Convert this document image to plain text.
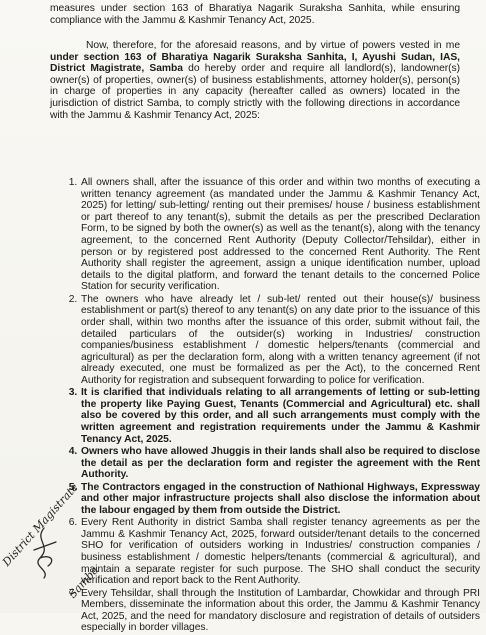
measures under section 163 of Bharatiya Nagarik Suraksha Sanhita, while ensuring compliance with the Jammu & Kashmir Tenancy Act, 2025.
Now, therefore, for the aforesaid reasons, and by virtue of powers vested in me under section 163 of Bharatiya Nagarik Suraksha Sanhita, I, Ayushi Sudan, IAS, District Magistrate, Samba do hereby order and require all landlord(s), landowner(s) owner(s) of properties, owner(s) of business establishments, attorney holder(s), person(s) in charge of properties in any capacity (hereafter called as owners) located in the jurisdiction of district Samba, to comply strictly with the following directions in accordance with the Jammu & Kashmir Tenancy Act, 2025:
1. All owners shall, after the issuance of this order and within two months of executing a written tenancy agreement (as mandated under the Jammu & Kashmir Tenancy Act, 2025) for letting/ sub-letting/ renting out their premises/ house / business establishment or part thereof to any tenant(s), submit the details as per the prescribed Declaration Form, to be signed by both the owner(s) as well as the tenant(s), along with the tenancy agreement, to the concerned Rent Authority (Deputy Collector/Tehsildar), either in person or by registered post addressed to the concerned Rent Authority. The Rent Authority shall register the agreement, assign a unique identification number, upload details to the digital platform, and forward the tenant details to the concerned Police Station for security verification.
2. The owners who have already let / sub-let/ rented out their house(s)/ business establishment or part(s) thereof to any tenant(s) on any date prior to the issuance of this order shall, within two months after the issuance of this order, submit without fail, the detailed particulars of the outsider(s) working in Industries/ construction companies/business establishment / domestic helpers/tenants (commercial and agricultural) as per the declaration form, along with a written tenancy agreement (if not already executed, one must be formalized as per the Act), to the concerned Rent Authority for registration and subsequent forwarding to police for verification.
3. It is clarified that individuals relating to all arrangements of letting or sub-letting the property like Paying Guest, Tenants (Commercial and Agricultural) etc. shall also be covered by this order, and all such arrangements must comply with the written agreement and registration requirements under the Jammu & Kashmir Tenancy Act, 2025.
4. Owners who have allowed Jhuggis in their lands shall also be required to disclose the detail as per the declaration form and register the agreement with the Rent Authority.
5. The Contractors engaged in the construction of Nathional Highways, Expressway and other major infrastructure projects shall also disclose the information about the labour engaged by them from outside the District.
6. Every Rent Authority in district Samba shall register tenancy agreements as per the Jammu & Kashmir Tenancy Act, 2025, forward outsider/tenant details to the concerned SHO for verification of outsiders working in Industries/ construction companies / business establishment / domestic helpers/tenants (commercial & agricultural), and maintain a separate register for such purpose. The SHO shall conduct the security verification and report back to the Rent Authority.
7. Every Tehsildar, shall through the Institution of Lambardar, Chowkidar and through PRI Members, disseminate the information about this order, the Jammu & Kashmir Tenancy Act, 2025, and the need for mandatory disclosure and registration of details of outsiders especially in border villages.
District Magistrate
Samba
